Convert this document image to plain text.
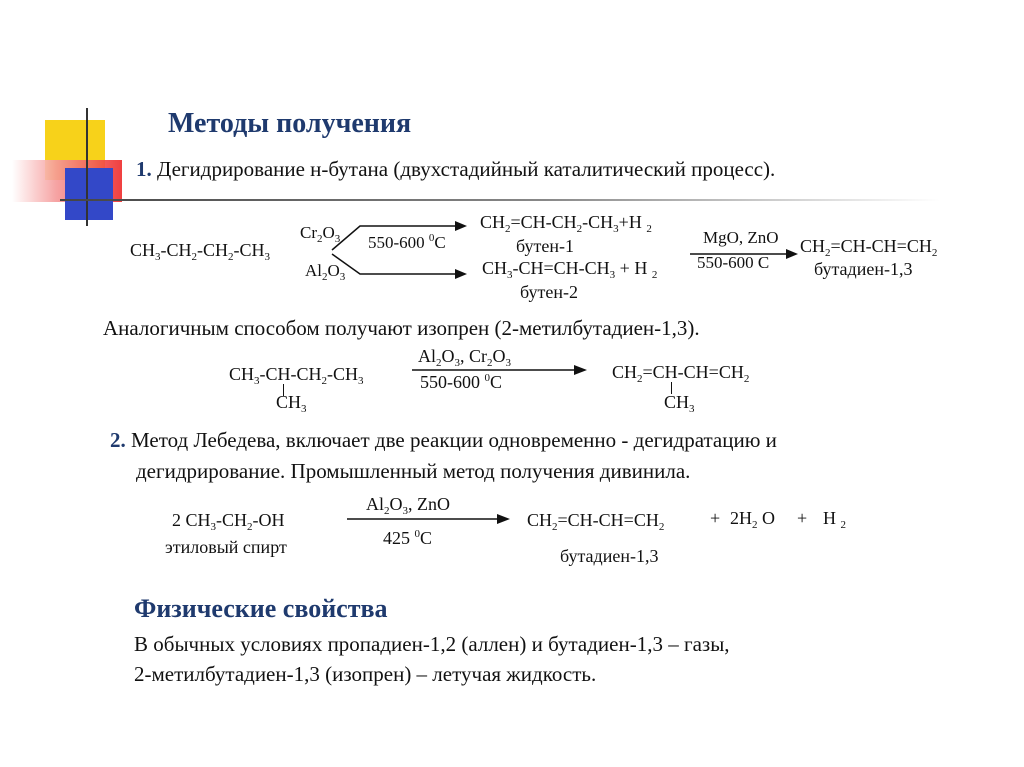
Методы получения
1. Дегидрирование н-бутана (двухстадийный каталитический процесс).
$CH_3-CH_2-CH_2-CH_3$
$Cr_2O_3$
$Al_2O_3$
550-600 $^0$C
$CH_2=CH-CH_2-CH_3+H$ $_2$
бутен-1
$CH_3-CH=CH-CH_3 + H$ $_2$
бутен-2
MgO, ZnO
550-600 C
$CH_2=CH-CH=CH_2$
бутадиен-1,3
Аналогичным способом получают изопрен (2-метилбутадиен-1,3).
$CH_3-CH-CH_2-CH_3$
$CH_3$
$Al_2O_3$, $Cr_2O_3$
550-600 $^0$C	$CH_2=CH-CH=CH_2$
$CH_3$
2. Метод Лебедева, включает две реакции одновременно - дегидратацию и
дегидрирование. Промышленный метод получения дивинила.
2 $CH_3-CH_2-OH$
этиловый спирт
$Al_2O_3$, ZnO
425 $^0$C
$CH_2=CH-CH=CH_2$	+ $2H_2$ O + H $_2$
бутадиен-1,3
Физические свойства
В обычных условиях пропадиен-1,2 (аллен) и бутадиен-1,3 – газы,
2-метилбутадиен-1,3 (изопрен) – летучая жидкость.
